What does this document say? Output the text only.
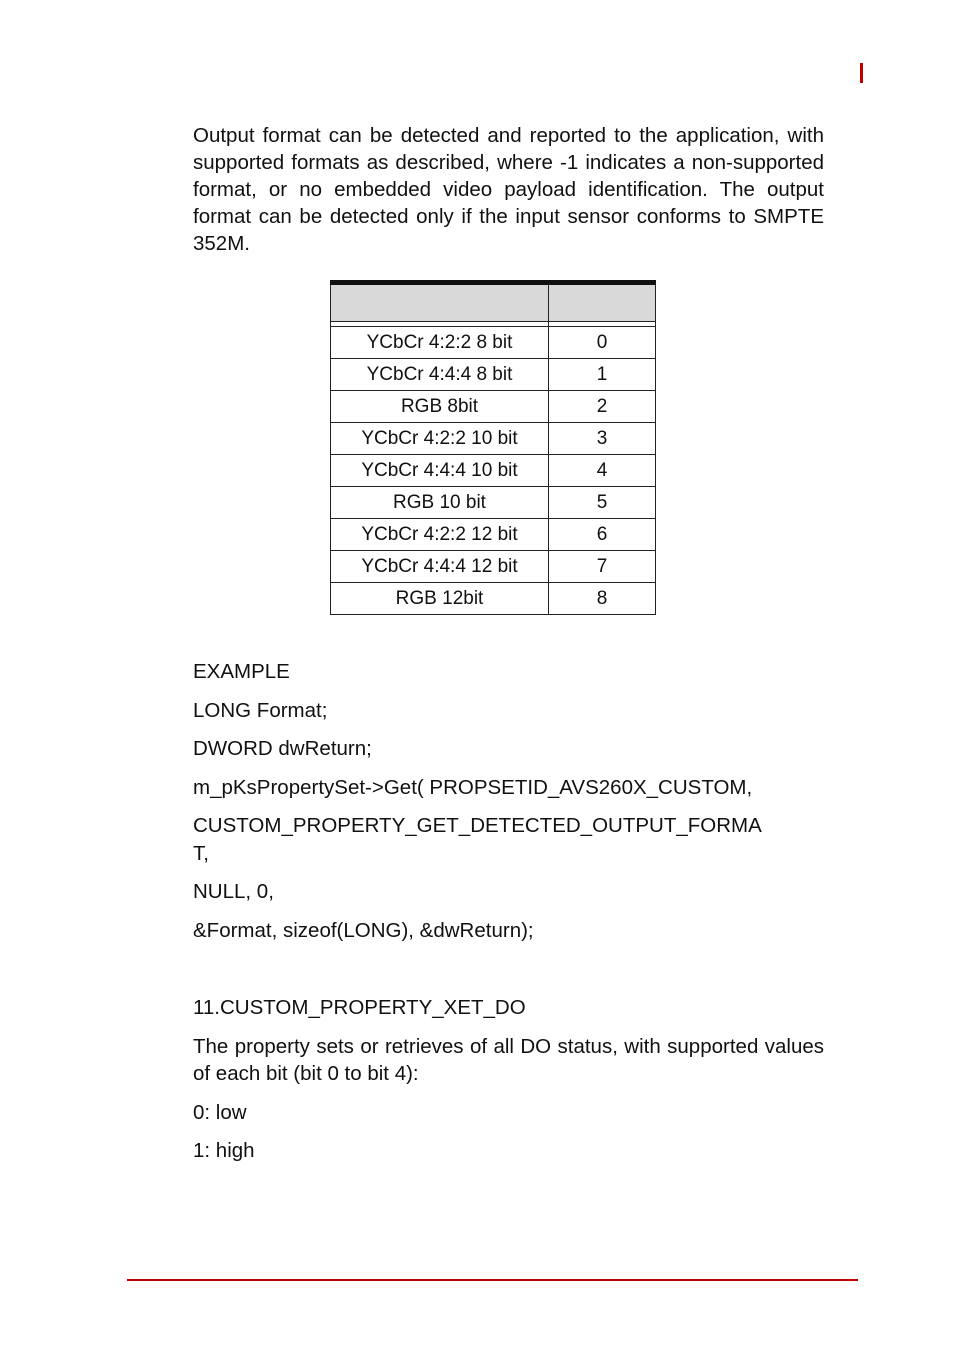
Output format can be detected and reported to the application, with supported formats as described, where -1 indicates a non-supported format, or no embedded video payload identification. The output format can be detected only if the input sensor conforms to SMPTE 352M.

YCbCr 4:2:2 8 bit	0
YCbCr 4:4:4 8 bit	1
RGB 8bit	2
YCbCr 4:2:2 10 bit	3
YCbCr 4:4:4 10 bit	4
RGB 10 bit	5
YCbCr 4:2:2 12 bit	6
YCbCr 4:4:4 12 bit	7
RGB 12bit	8
EXAMPLE
LONG Format;
DWORD dwReturn;
m_pKsPropertySet->Get( PROPSETID_AVS260X_CUSTOM,
CUSTOM_PROPERTY_GET_DETECTED_OUTPUT_FORMA
T,
NULL, 0,
&Format, sizeof(LONG), &dwReturn);
11.CUSTOM_PROPERTY_XET_DO

The property sets or retrieves of all DO status, with supported values of each bit (bit 0 to bit 4):

0: low
1: high
